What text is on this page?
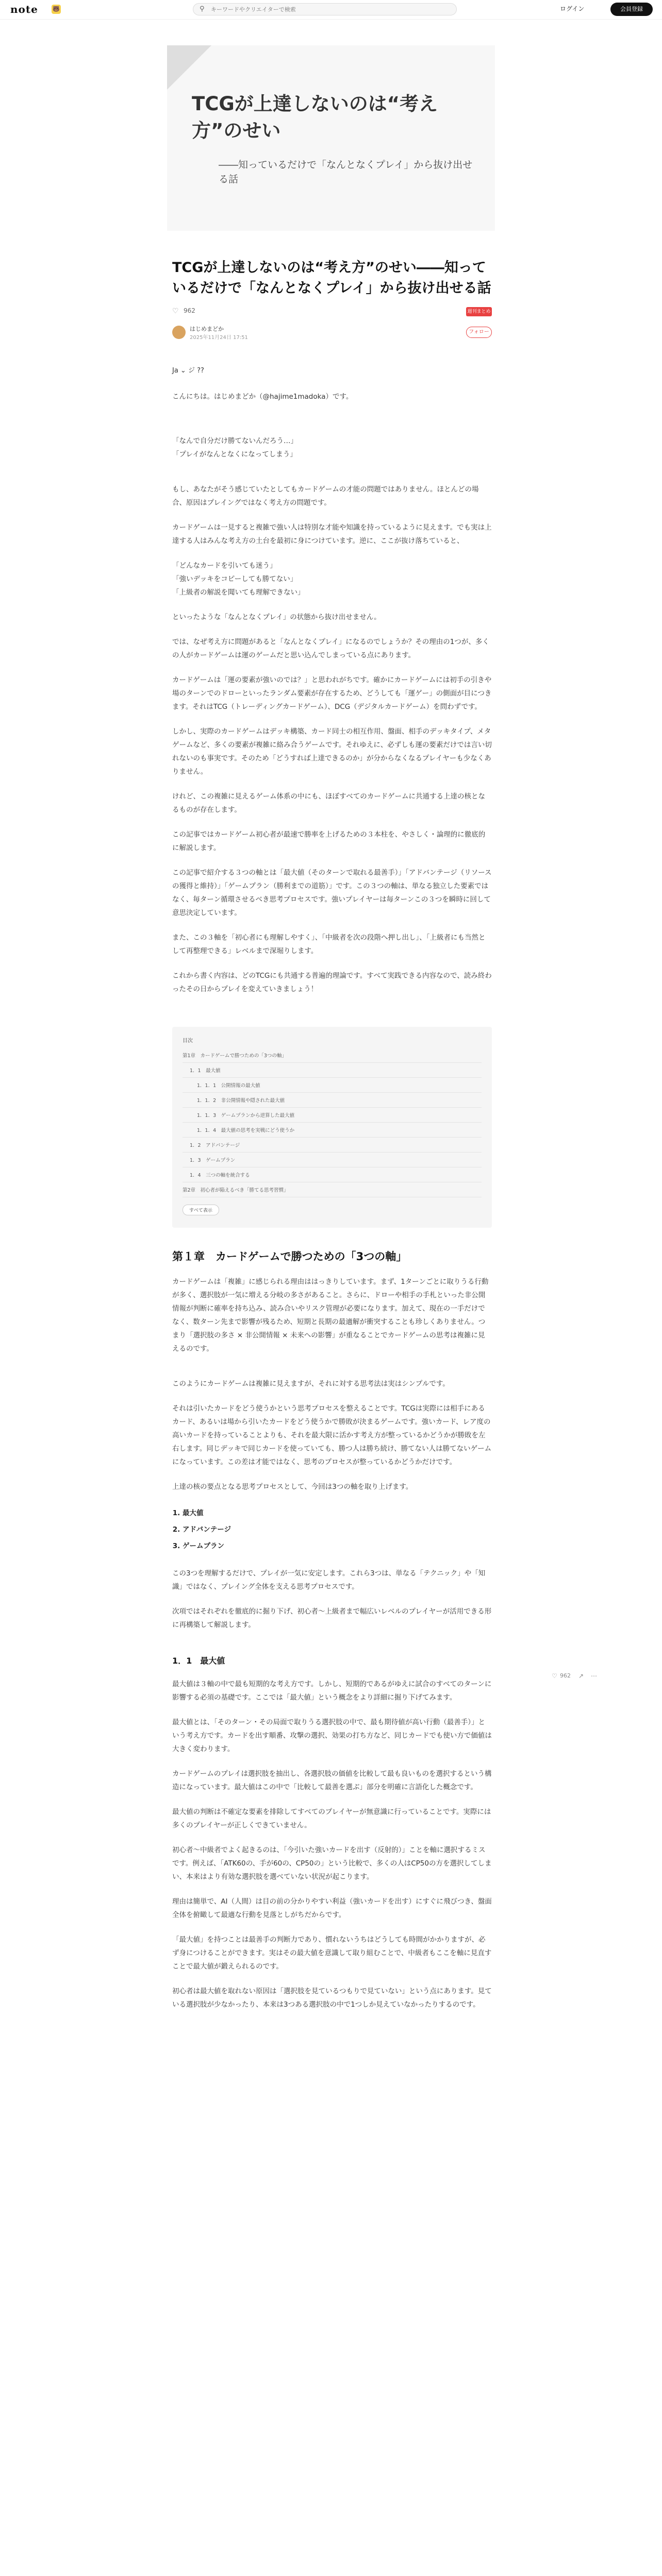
note	🐻	⚲
キーワードやクリエイターで検索	ログイン	会員登録
TCGが上達しないのは“考え方”のせい
――知っているだけで「なんとなくプレイ」から抜け出せる話
TCGが上達しないのは“考え方”のせい――知っているだけで「なんとなくプレイ」から抜け出せる話
♡ 962	週刊まとめ
はじめまどか
2025年11月24日 17:51
フォロー
Ja ⌄ ジ ??

こんにちは。はじめまどか（@hajime1madoka）です。

「なんで自分だけ勝てないんだろう…」
「プレイがなんとなくになってしまう」

もし、あなたがそう感じていたとしてもカードゲームの才能の問題ではありません。ほとんどの場合、原因はプレイングではなく考え方の問題です。

カードゲームは一見すると複雑で強い人は特別な才能や知識を持っているように見えます。でも実は上達する人はみんな考え方の土台を最初に身につけています。逆に、ここが抜け落ちていると、

「どんなカードを引いても迷う」
「強いデッキをコピーしても勝てない」
「上級者の解説を聞いても理解できない」

といったような「なんとなくプレイ」の状態から抜け出せません。

では、なぜ考え方に問題があると「なんとなくプレイ」になるのでしょうか？その理由の1つが、多くの人がカードゲームは運のゲームだと思い込んでしまっている点にあります。

カードゲームは「運の要素が強いのでは？」と思われがちです。確かにカードゲームには初手の引きや場のターンでのドローといったランダム要素が存在するため、どうしても「運ゲー」の側面が目につきます。それはTCG（トレーディングカードゲーム）、DCG（デジタルカードゲーム）を問わずです。

しかし、実際のカードゲームはデッキ構築、カード同士の相互作用、盤面、相手のデッキタイプ、メタゲームなど、多くの要素が複雑に絡み合うゲームです。それゆえに、必ずしも運の要素だけでは言い切れないのも事実です。そのため「どうすれば上達できるのか」が分からなくなるプレイヤーも少なくありません。

けれど、この複雑に見えるゲーム体系の中にも、ほぼすべてのカードゲームに共通する上達の核となるものが存在します。

この記事ではカードゲーム初心者が最速で勝率を上げるための３本柱を、やさしく・論理的に徹底的に解説します。

この記事で紹介する３つの軸とは「最大値（そのターンで取れる最善手）」「アドバンテージ（リソースの獲得と維持）」「ゲームプラン（勝利までの道筋）」です。この３つの軸は、単なる独立した要素ではなく、毎ターン循環させるべき思考プロセスです。強いプレイヤーは毎ターンこの３つを瞬時に回して意思決定しています。

また、この３軸を「初心者にも理解しやすく」、「中級者を次の段階へ押し出し」、「上級者にも当然として再整理できる」レベルまで深堀りします。

これから書く内容は、どのTCGにも共通する普遍的理論です。すべて実践できる内容なので、読み終わったその日からプレイを変えていきましょう！

目次
第1章　カードゲームで勝つための「3つの軸」
1．1　最大値
1．1．1　公開情報の最大値
1．1．2　非公開情報や隠された最大値
1．1．3　ゲームプランから逆算した最大値
1．1．4　最大値の思考を実戦にどう使うか
1．2　アドバンテージ
1．3　ゲームプラン
1．4　三つの軸を統合する
第2章　初心者が陥えるべき「勝てる思考習慣」
すべて表示
第１章　カードゲームで勝つための「3つの軸」

カードゲームは「複雑」に感じられる理由ははっきりしています。まず、1ターンごとに取りうる行動が多く、選択肢が一気に増える分岐の多さがあること。さらに、ドローや相手の手札といった非公開情報が判断に確率を持ち込み、読み合いやリスク管理が必要になります。加えて、現在の一手だけでなく、数ターン先まで影響が残るため、短期と長期の最適解が衝突することも珍しくありません。つまり「選択肢の多さ × 非公開情報 × 未来への影響」が重なることでカードゲームの思考は複雑に見えるのです。

このようにカードゲームは複雑に見えますが、それに対する思考法は実はシンプルです。

それは引いたカードをどう使うかという思考プロセスを整えることです。TCGは実際には相手にあるカード、あるいは場から引いたカードをどう使うかで勝敗が決まるゲームです。強いカード、レア度の高いカードを持っていることよりも、それを最大限に活かす考え方が整っているかどうかが勝敗を左右します。同じデッキで同じカードを使っていても、勝つ人は勝ち続け、勝てない人は勝てないゲームになっています。この差は才能ではなく、思考のプロセスが整っているかどうかだけです。

上達の核の要点となる思考プロセスとして、今回は3つの軸を取り上げます。

1. 最大値
2. アドバンテージ
3. ゲームプラン

この3つを理解するだけで、プレイが一気に安定します。これら3つは、単なる「テクニック」や「知識」ではなく、プレイング全体を支える思考プロセスです。

次項ではそれぞれを徹底的に掘り下げ、初心者〜上級者まで幅広いレベルのプレイヤーが活用できる形に再構築して解説します。

1．1　最大値

最大値は３軸の中で最も短期的な考え方です。しかし、短期的であるがゆえに試合のすべてのターンに影響する必須の基礎です。ここでは「最大値」という概念をより詳細に掘り下げてみます。

最大値とは、「そのターン・その局面で取りうる選択肢の中で、最も期待値が高い行動（最善手）」という考え方です。カードを出す順番、攻撃の選択、効果の打ち方など、同じカードでも使い方で価値は大きく変わります。

カードゲームのプレイは選択肢を抽出し、各選択肢の価値を比較して最も良いものを選択するという構造になっています。最大値はこの中で「比較して最善を選ぶ」部分を明確に言語化した概念です。

最大値の判断は不確定な要素を排除してすべてのプレイヤーが無意識に行っていることです。実際には多くのプレイヤーが正しくできていません。

初心者〜中級者でよく起きるのは、「今引いた強いカードを出す（反射的）」ことを軸に選択するミスです。例えば、「ATK60の、手が60の、CP50の」という比較で、多くの人はCP50の方を選択してしまい、本来はより有効な選択肢を選べていない状況が起こります。

理由は簡単で、AI（人間）は目の前の分かりやすい利益（強いカードを出す）にすぐに飛びつき、盤面全体を俯瞰して最適な行動を見落としがちだからです。

「最大値」を持つことは最善手の判断力であり、慣れないうちはどうしても時間がかかりますが、必ず身につけることができます。実はその最大値を意識して取り組むことで、中級者もここを軸に見直すことで最大値が鍛えられるのです。

初心者は最大値を取れない原因は「選択肢を見ているつもりで見ていない」という点にあります。見ている選択肢が少なかったり、本来は3つある選択肢の中で1つしか見えていなかったりするのです。

♡ 962 ↗ ⋯
